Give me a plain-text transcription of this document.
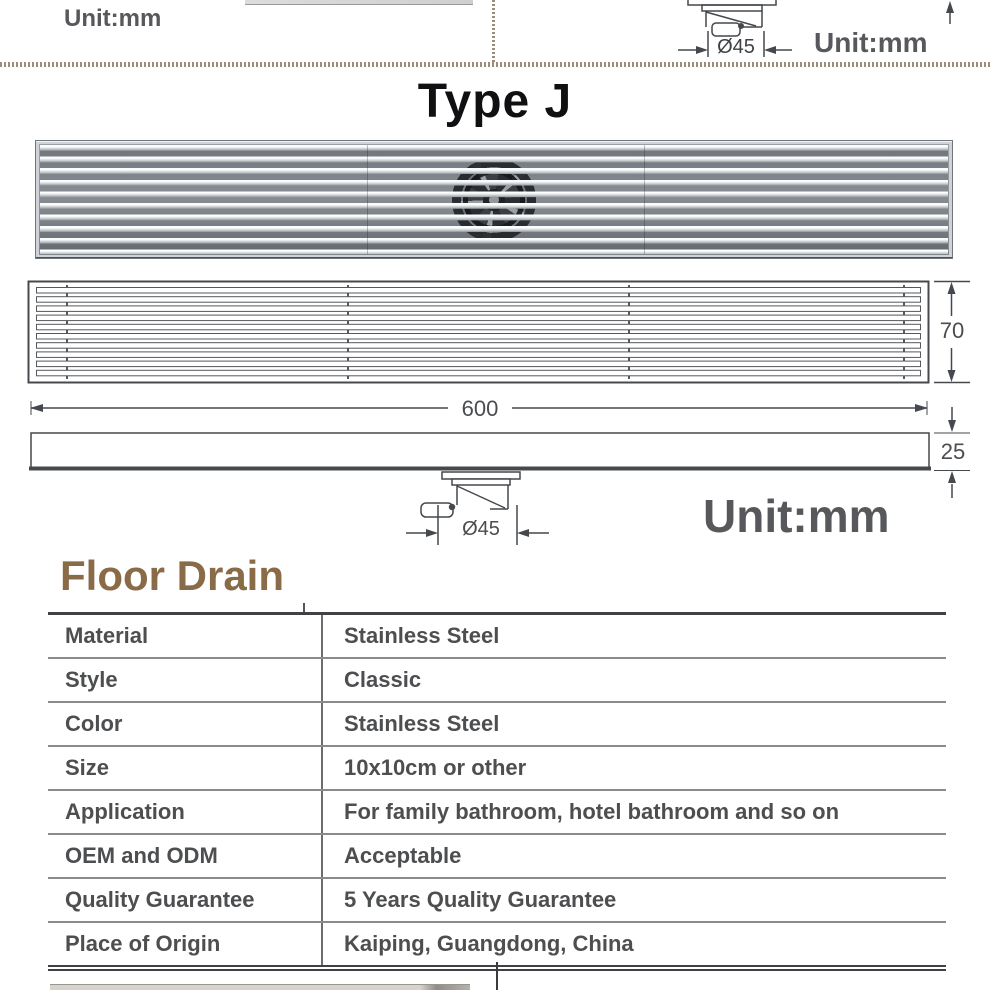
Unit:mm
Ø45	Unit:mm
Type J
70
600
25
Ø45	Unit:mm
Floor Drain
Material	Stainless Steel
Style	Classic
Color	Stainless Steel
Size	10x10cm or other
Application	For family bathroom, hotel bathroom and so on
OEM and ODM	Acceptable
Quality Guarantee	5 Years Quality Guarantee
Place of Origin	Kaiping, Guangdong, China
